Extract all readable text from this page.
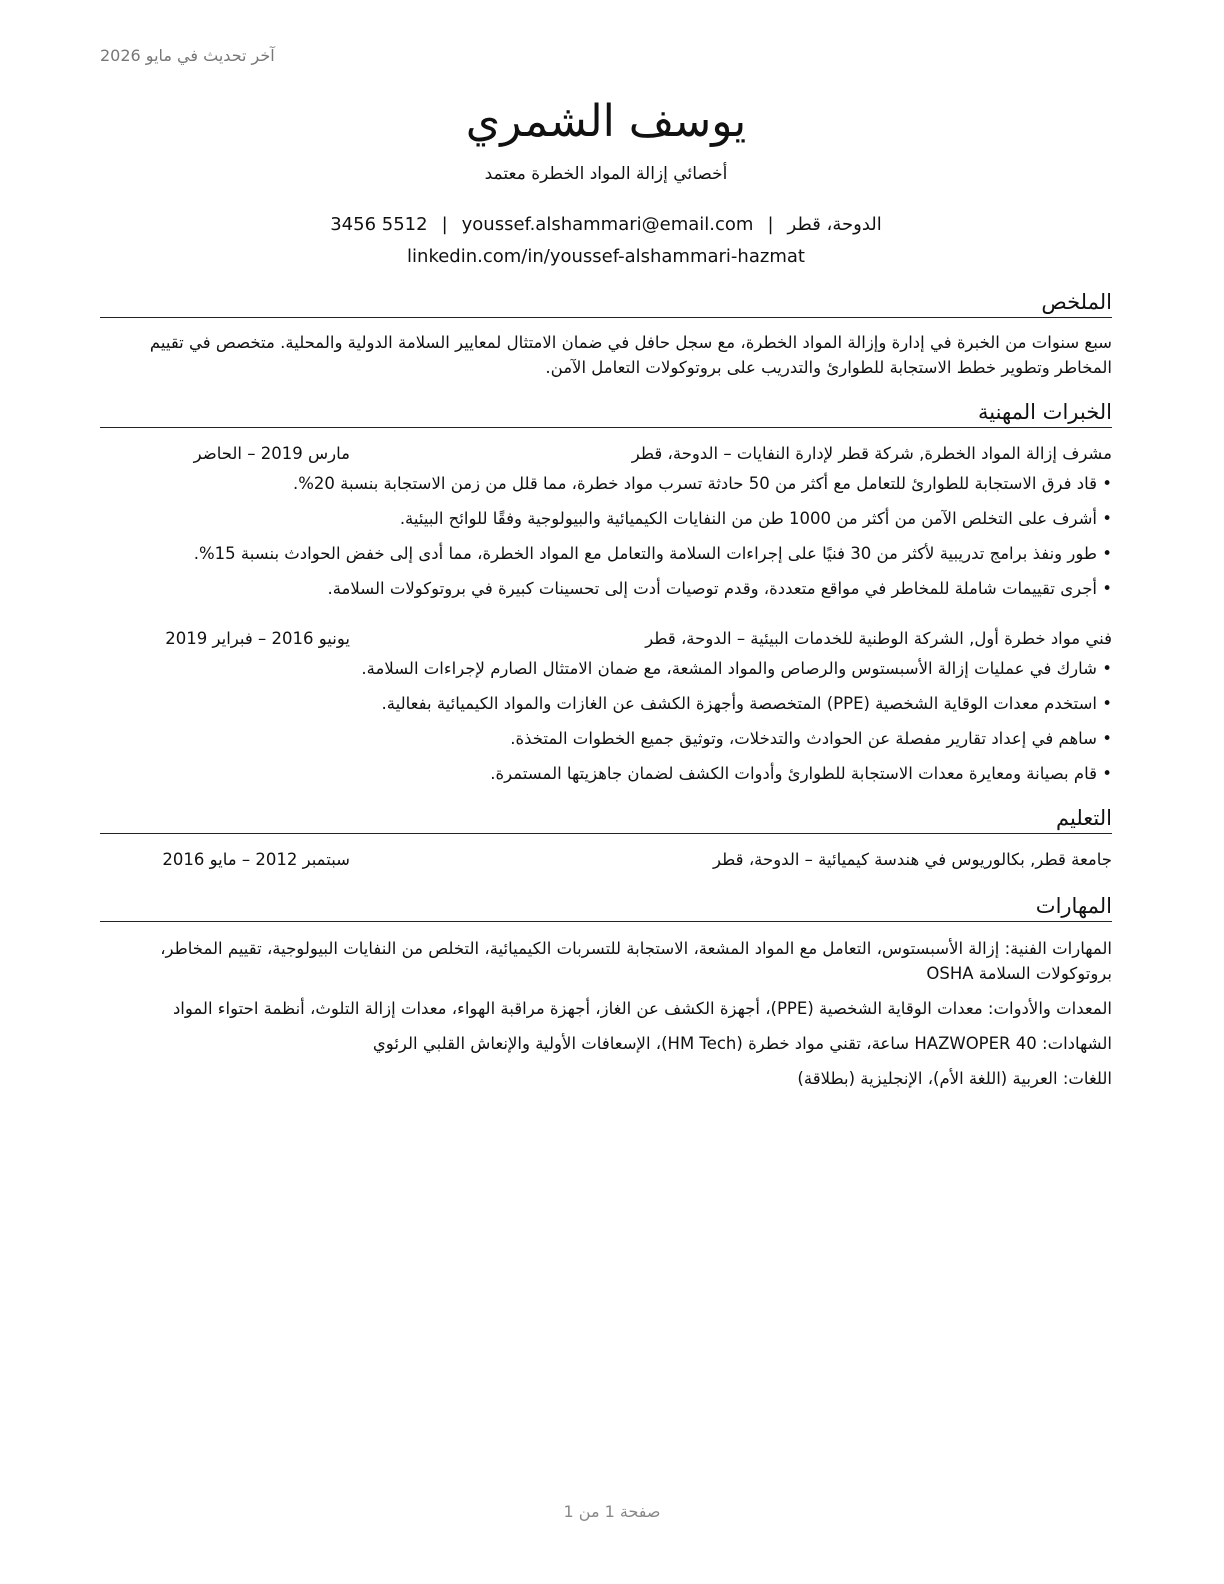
آخر تحديث في مايو 2026
يوسف الشمري
أخصائي إزالة المواد الخطرة معتمد
الدوحة، قطر|youssef.alshammari@email.com|3456 5512
linkedin.com/in/youssef-alshammari-hazmat
الملخص
سبع سنوات من الخبرة في إدارة وإزالة المواد الخطرة، مع سجل حافل في ضمان الامتثال لمعايير السلامة الدولية والمحلية. متخصص في تقييم المخاطر وتطوير خطط الاستجابة للطوارئ والتدريب على بروتوكولات التعامل الآمن.
الخبرات المهنية
مشرف إزالة المواد الخطرة, شركة قطر لإدارة النفايات – الدوحة، قطر
مارس 2019 – الحاضر
• قاد فرق الاستجابة للطوارئ للتعامل مع أكثر من 50 حادثة تسرب مواد خطرة، مما قلل من زمن الاستجابة بنسبة 20%.
• أشرف على التخلص الآمن من أكثر من 1000 طن من النفايات الكيميائية والبيولوجية وفقًا للوائح البيئية.
• طور ونفذ برامج تدريبية لأكثر من 30 فنيًا على إجراءات السلامة والتعامل مع المواد الخطرة، مما أدى إلى خفض الحوادث بنسبة 15%.
• أجرى تقييمات شاملة للمخاطر في مواقع متعددة، وقدم توصيات أدت إلى تحسينات كبيرة في بروتوكولات السلامة.
فني مواد خطرة أول, الشركة الوطنية للخدمات البيئية – الدوحة، قطر
يونيو 2016 – فبراير 2019
• شارك في عمليات إزالة الأسبستوس والرصاص والمواد المشعة، مع ضمان الامتثال الصارم لإجراءات السلامة.
• استخدم معدات الوقاية الشخصية (PPE) المتخصصة وأجهزة الكشف عن الغازات والمواد الكيميائية بفعالية.
• ساهم في إعداد تقارير مفصلة عن الحوادث والتدخلات، وتوثيق جميع الخطوات المتخذة.
• قام بصيانة ومعايرة معدات الاستجابة للطوارئ وأدوات الكشف لضمان جاهزيتها المستمرة.
التعليم
جامعة قطر, بكالوريوس في هندسة كيميائية – الدوحة، قطر
سبتمبر 2012 – مايو 2016
المهارات
المهارات الفنية: إزالة الأسبستوس، التعامل مع المواد المشعة، الاستجابة للتسربات الكيميائية، التخلص من النفايات البيولوجية، تقييم المخاطر، بروتوكولات السلامة OSHA
المعدات والأدوات: معدات الوقاية الشخصية (PPE)، أجهزة الكشف عن الغاز، أجهزة مراقبة الهواء، معدات إزالة التلوث، أنظمة احتواء المواد
الشهادات: HAZWOPER 40 ساعة، تقني مواد خطرة (HM Tech)، الإسعافات الأولية والإنعاش القلبي الرئوي
اللغات: العربية (اللغة الأم)، الإنجليزية (بطلاقة)
صفحة 1 من 1
